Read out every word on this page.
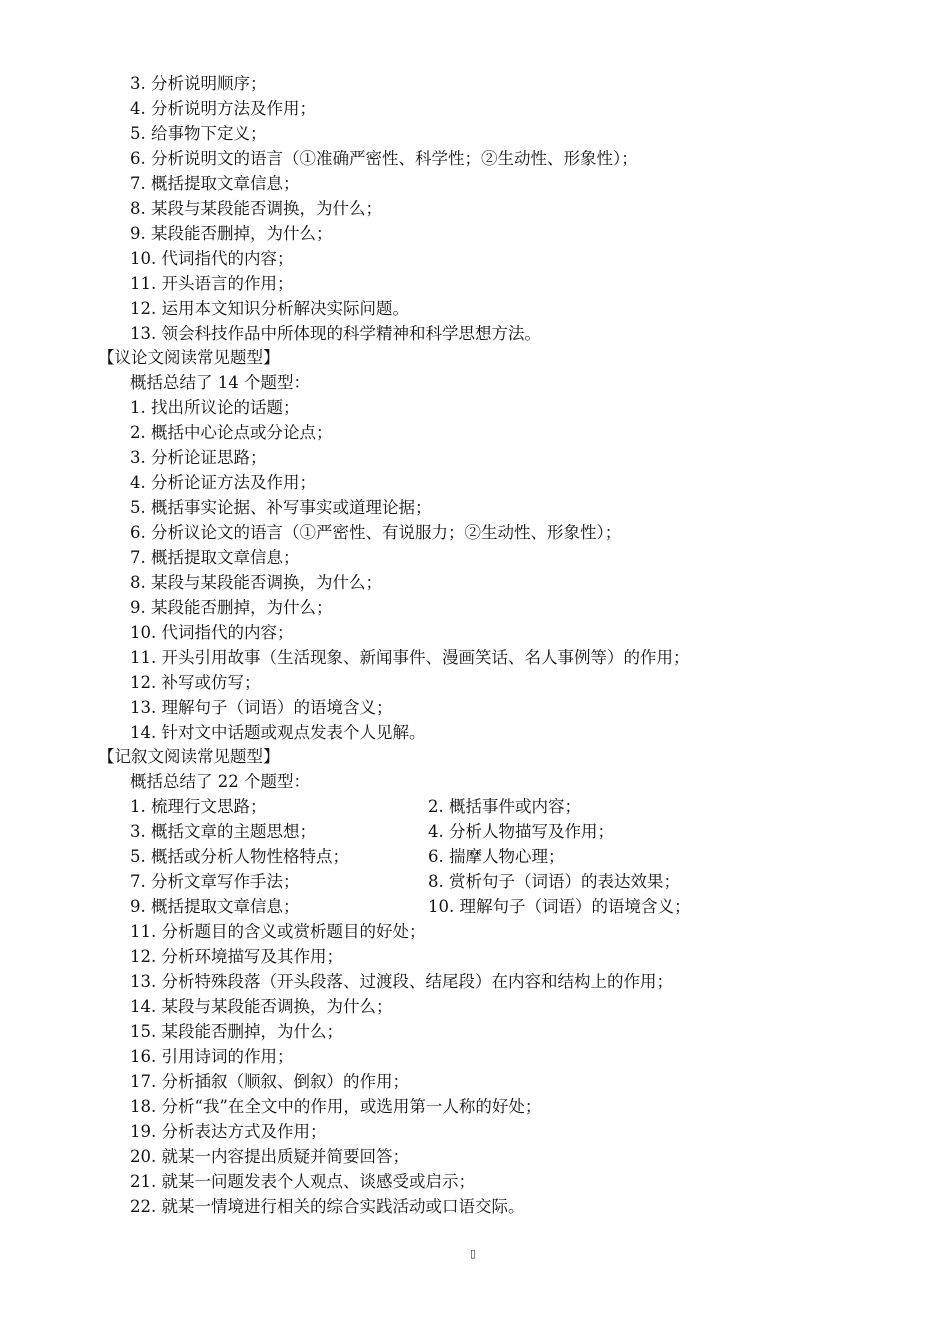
3. 分析说明顺序；
4. 分析说明方法及作用；
5. 给事物下定义；
6. 分析说明文的语言（①准确严密性、科学性；②生动性、形象性）；
7. 概括提取文章信息；
8. 某段与某段能否调换，为什么；
9. 某段能否删掉，为什么；
10. 代词指代的内容；
11. 开头语言的作用；
12. 运用本文知识分析解决实际问题。
13. 领会科技作品中所体现的科学精神和科学思想方法。
【议论文阅读常见题型】
概括总结了 14 个题型：
1. 找出所议论的话题；
2. 概括中心论点或分论点；
3. 分析论证思路；
4. 分析论证方法及作用；
5. 概括事实论据、补写事实或道理论据；
6. 分析议论文的语言（①严密性、有说服力；②生动性、形象性）；
7. 概括提取文章信息；
8. 某段与某段能否调换，为什么；
9. 某段能否删掉，为什么；
10. 代词指代的内容；
11. 开头引用故事（生活现象、新闻事件、漫画笑话、名人事例等）的作用；
12. 补写或仿写；
13. 理解句子（词语）的语境含义；
14. 针对文中话题或观点发表个人见解。
【记叙文阅读常见题型】
概括总结了 22 个题型：
1. 梳理行文思路；	2. 概括事件或内容；
3. 概括文章的主题思想；	4. 分析人物描写及作用；
5. 概括或分析人物性格特点；	6. 揣摩人物心理；
7. 分析文章写作手法；	8. 赏析句子（词语）的表达效果；
9. 概括提取文章信息；	10. 理解句子（词语）的语境含义；
11. 分析题目的含义或赏析题目的好处；
12. 分析环境描写及其作用；
13. 分析特殊段落（开头段落、过渡段、结尾段）在内容和结构上的作用；
14. 某段与某段能否调换，为什么；
15. 某段能否删掉，为什么；
16. 引用诗词的作用；
17. 分析插叙（顺叙、倒叙）的作用；
18. 分析“我”在全文中的作用，或选用第一人称的好处；
19. 分析表达方式及作用；
20. 就某一内容提出质疑并简要回答；
21. 就某一问题发表个人观点、谈感受或启示；
22. 就某一情境进行相关的综合实践活动或口语交际。
▯
